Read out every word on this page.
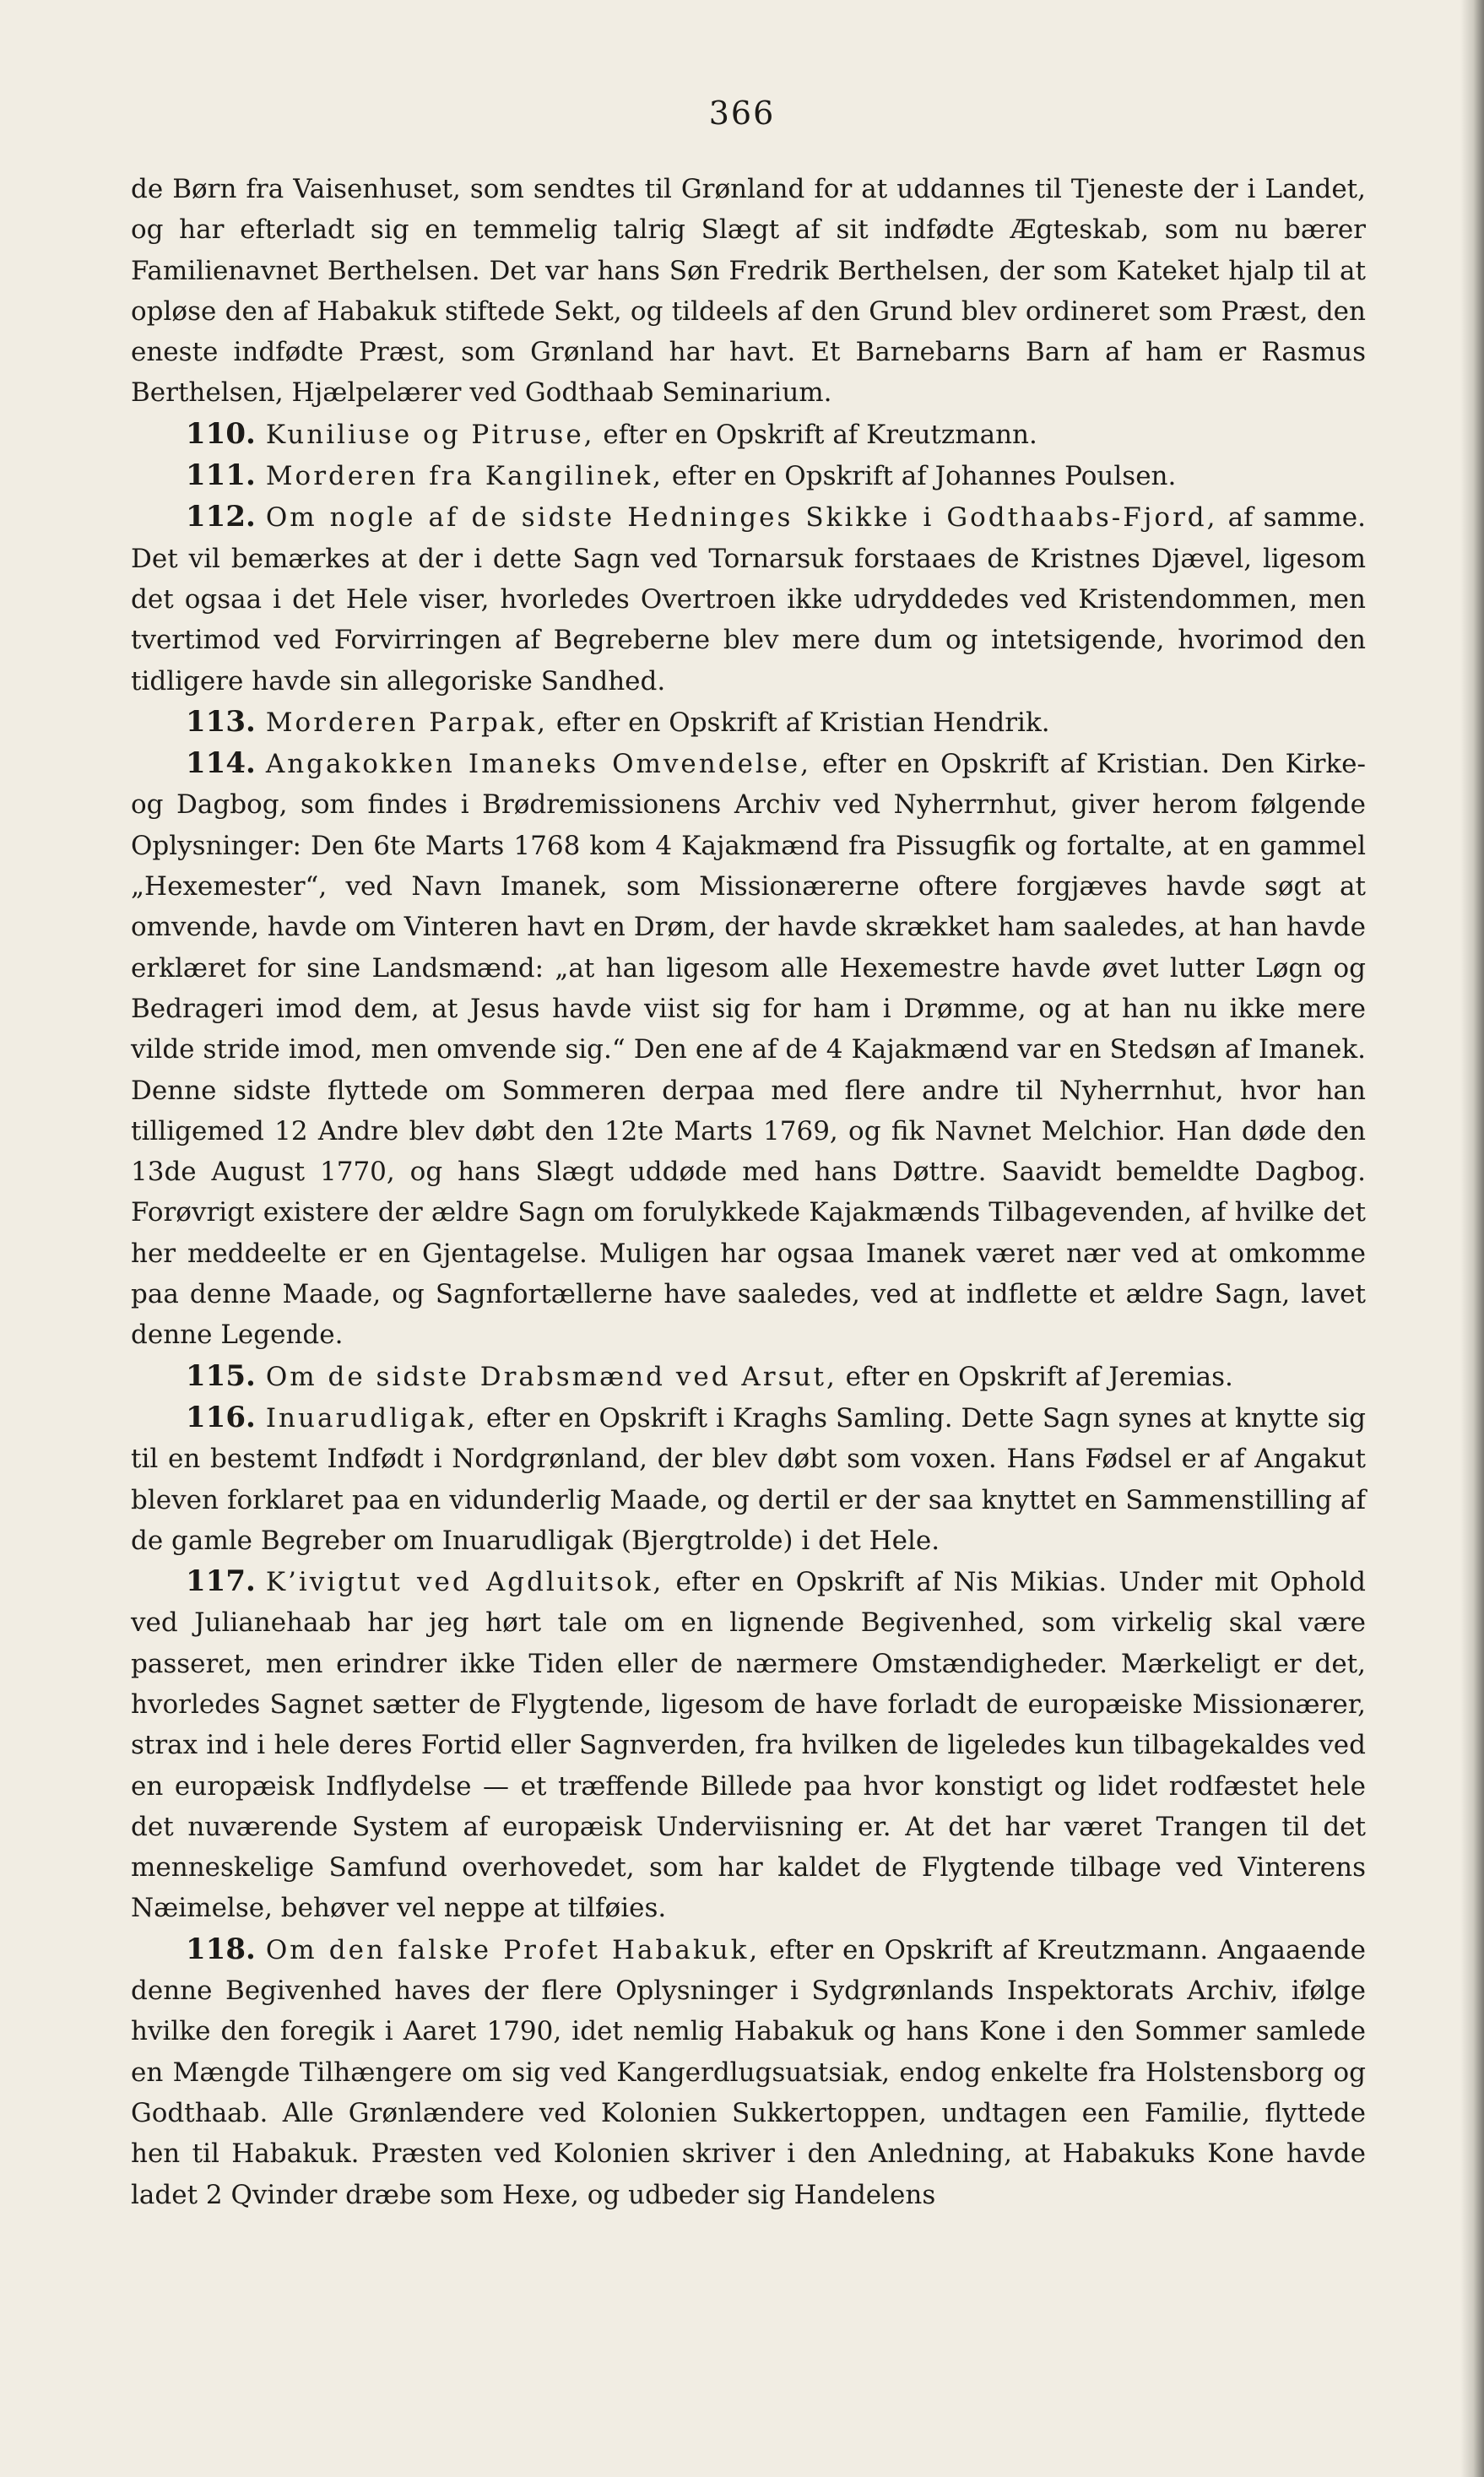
366

de Børn fra Vaisenhuset, som sendtes til Grønland for at uddannes til Tjeneste der i Landet, og har efterladt sig en temmelig talrig Slægt af sit indfødte Ægteskab, som nu bærer Familienavnet Berthelsen. Det var hans Søn Fredrik Berthelsen, der som Kateket hjalp til at opløse den af Habakuk stiftede Sekt, og tildeels af den Grund blev ordineret som Præst, den eneste indfødte Præst, som Grønland har havt. Et Barnebarns Barn af ham er Rasmus Berthelsen, Hjælpelærer ved Godthaab Seminarium.

110. Kuniliuse og Pitruse, efter en Opskrift af Kreutzmann.

111. Morderen fra Kangilinek, efter en Opskrift af Johannes Poulsen.

112. Om nogle af de sidste Hedninges Skikke i Godthaabs-Fjord, af samme. Det vil bemærkes at der i dette Sagn ved Tornarsuk forstaaes de Kristnes Djævel, ligesom det ogsaa i det Hele viser, hvorledes Overtroen ikke udryddedes ved Kristendommen, men tvertimod ved Forvirringen af Begreberne blev mere dum og intetsigende, hvorimod den tidligere havde sin allegoriske Sandhed.

113. Morderen Parpak, efter en Opskrift af Kristian Hendrik.

114. Angakokken Imaneks Omvendelse, efter en Opskrift af Kristian. Den Kirke- og Dagbog, som findes i Brødremissionens Archiv ved Nyherrnhut, giver herom følgende Oplysninger: Den 6te Marts 1768 kom 4 Kajakmænd fra Pissugfik og fortalte, at en gammel „Hexemester“, ved Navn Imanek, som Missionærerne oftere forgjæves havde søgt at omvende, havde om Vinteren havt en Drøm, der havde skrækket ham saaledes, at han havde erklæret for sine Landsmænd: „at han ligesom alle Hexemestre havde øvet lutter Løgn og Bedrageri imod dem, at Jesus havde viist sig for ham i Drømme, og at han nu ikke mere vilde stride imod, men omvende sig.“ Den ene af de 4 Kajakmænd var en Stedsøn af Imanek. Denne sidste flyttede om Sommeren derpaa med flere andre til Nyherrnhut, hvor han tilligemed 12 Andre blev døbt den 12te Marts 1769, og fik Navnet Melchior. Han døde den 13de August 1770, og hans Slægt uddøde med hans Døttre. Saavidt bemeldte Dagbog. Forøvrigt existere der ældre Sagn om forulykkede Kajakmænds Tilbagevenden, af hvilke det her meddeelte er en Gjentagelse. Muligen har ogsaa Imanek været nær ved at omkomme paa denne Maade, og Sagnfortællerne have saaledes, ved at indflette et ældre Sagn, lavet denne Legende.

115. Om de sidste Drabsmænd ved Arsut, efter en Opskrift af Jeremias.

116. Inuarudligak, efter en Opskrift i Kraghs Samling. Dette Sagn synes at knytte sig til en bestemt Indfødt i Nordgrønland, der blev døbt som voxen. Hans Fødsel er af Angakut bleven forklaret paa en vidunderlig Maade, og dertil er der saa knyttet en Sammenstilling af de gamle Begreber om Inuarudligak (Bjergtrolde) i det Hele.

117. K’ivigtut ved Agdluitsok, efter en Opskrift af Nis Mikias. Under mit Ophold ved Julianehaab har jeg hørt tale om en lignende Begivenhed, som virkelig skal være passeret, men erindrer ikke Tiden eller de nærmere Omstændigheder. Mærkeligt er det, hvorledes Sagnet sætter de Flygtende, ligesom de have forladt de europæiske Missionærer, strax ind i hele deres Fortid eller Sagnverden, fra hvilken de ligeledes kun tilbagekaldes ved en europæisk Indflydelse — et træffende Billede paa hvor konstigt og lidet rodfæstet hele det nuværende System af europæisk Underviisning er. At det har været Trangen til det menneskelige Samfund overhovedet, som har kaldet de Flygtende tilbage ved Vinterens Næimelse, behøver vel neppe at tilføies.

118. Om den falske Profet Habakuk, efter en Opskrift af Kreutzmann. Angaaende denne Begivenhed haves der flere Oplysninger i Sydgrønlands Inspektorats Archiv, ifølge hvilke den foregik i Aaret 1790, idet nemlig Habakuk og hans Kone i den Sommer samlede en Mængde Tilhængere om sig ved Kangerdlugsuatsiak, endog enkelte fra Holstensborg og Godthaab. Alle Grønlændere ved Kolonien Sukkertoppen, undtagen een Familie, flyttede hen til Habakuk. Præsten ved Kolonien skriver i den Anledning, at Habakuks Kone havde ladet 2 Qvinder dræbe som Hexe, og udbeder sig Handelens
